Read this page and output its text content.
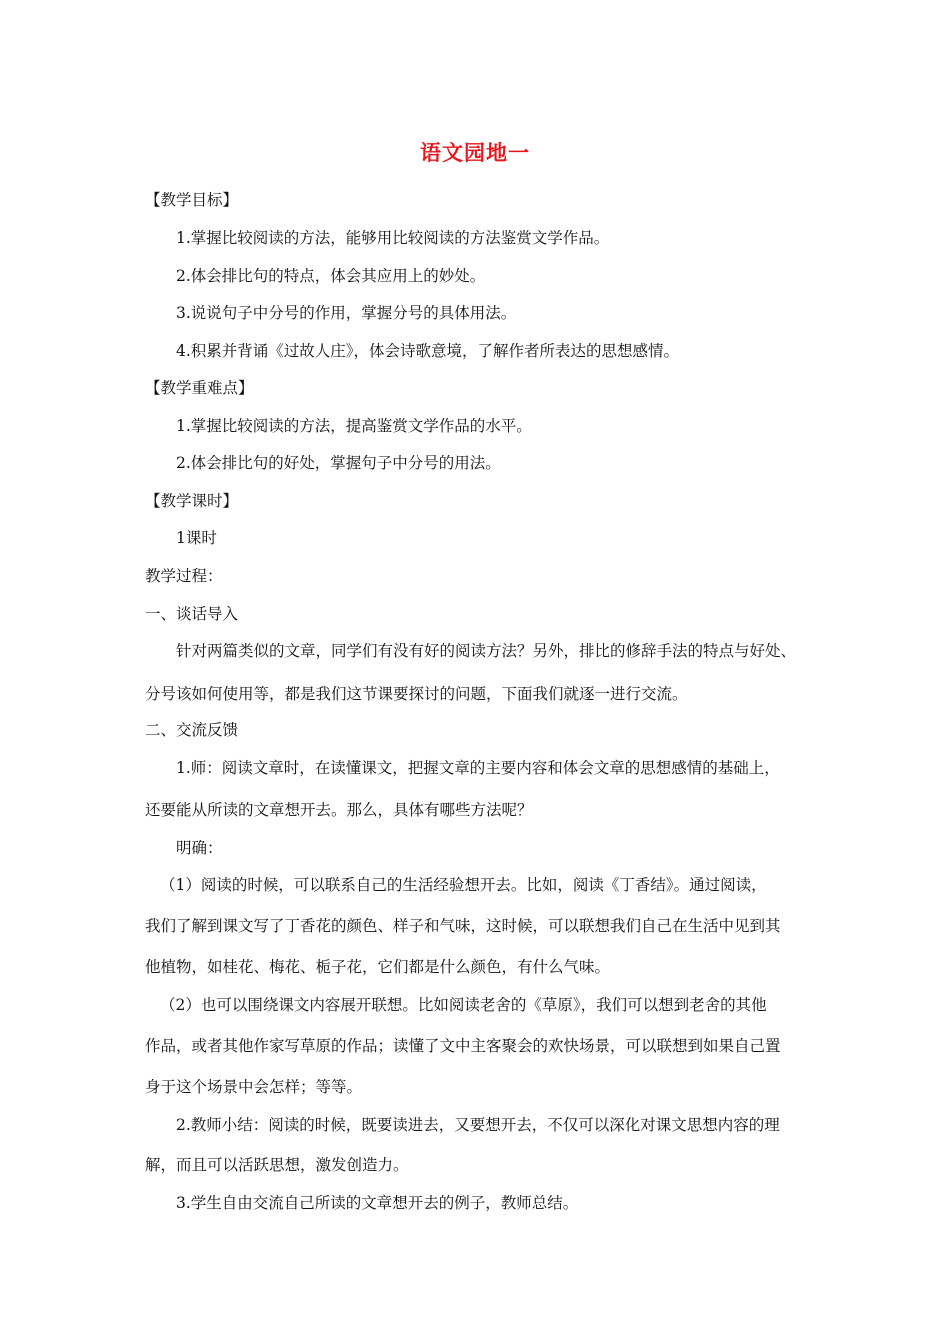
语文园地一
【教学目标】
1.掌握比较阅读的方法，能够用比较阅读的方法鉴赏文学作品。
2.体会排比句的特点，体会其应用上的妙处。
3.说说句子中分号的作用，掌握分号的具体用法。
4.积累并背诵《过故人庄》，体会诗歌意境，了解作者所表达的思想感情。
【教学重难点】
1.掌握比较阅读的方法，提高鉴赏文学作品的水平。
2.体会排比句的好处，掌握句子中分号的用法。
【教学课时】
1课时
教学过程：
一、谈话导入
针对两篇类似的文章，同学们有没有好的阅读方法？另外，排比的修辞手法的特点与好处、
分号该如何使用等，都是我们这节课要探讨的问题，下面我们就逐一进行交流。
二、交流反馈
1.师：阅读文章时，在读懂课文，把握文章的主要内容和体会文章的思想感情的基础上，
还要能从所读的文章想开去。那么，具体有哪些方法呢？
明确：
（1）阅读的时候，可以联系自己的生活经验想开去。比如，阅读《丁香结》。通过阅读，
我们了解到课文写了丁香花的颜色、样子和气味，这时候，可以联想我们自己在生活中见到其
他植物，如桂花、梅花、栀子花，它们都是什么颜色，有什么气味。
（2）也可以围绕课文内容展开联想。比如阅读老舍的《草原》，我们可以想到老舍的其他
作品，或者其他作家写草原的作品；读懂了文中主客聚会的欢快场景，可以联想到如果自己置
身于这个场景中会怎样；等等。
2.教师小结：阅读的时候，既要读进去，又要想开去，不仅可以深化对课文思想内容的理
解，而且可以活跃思想，激发创造力。
3.学生自由交流自己所读的文章想开去的例子，教师总结。
